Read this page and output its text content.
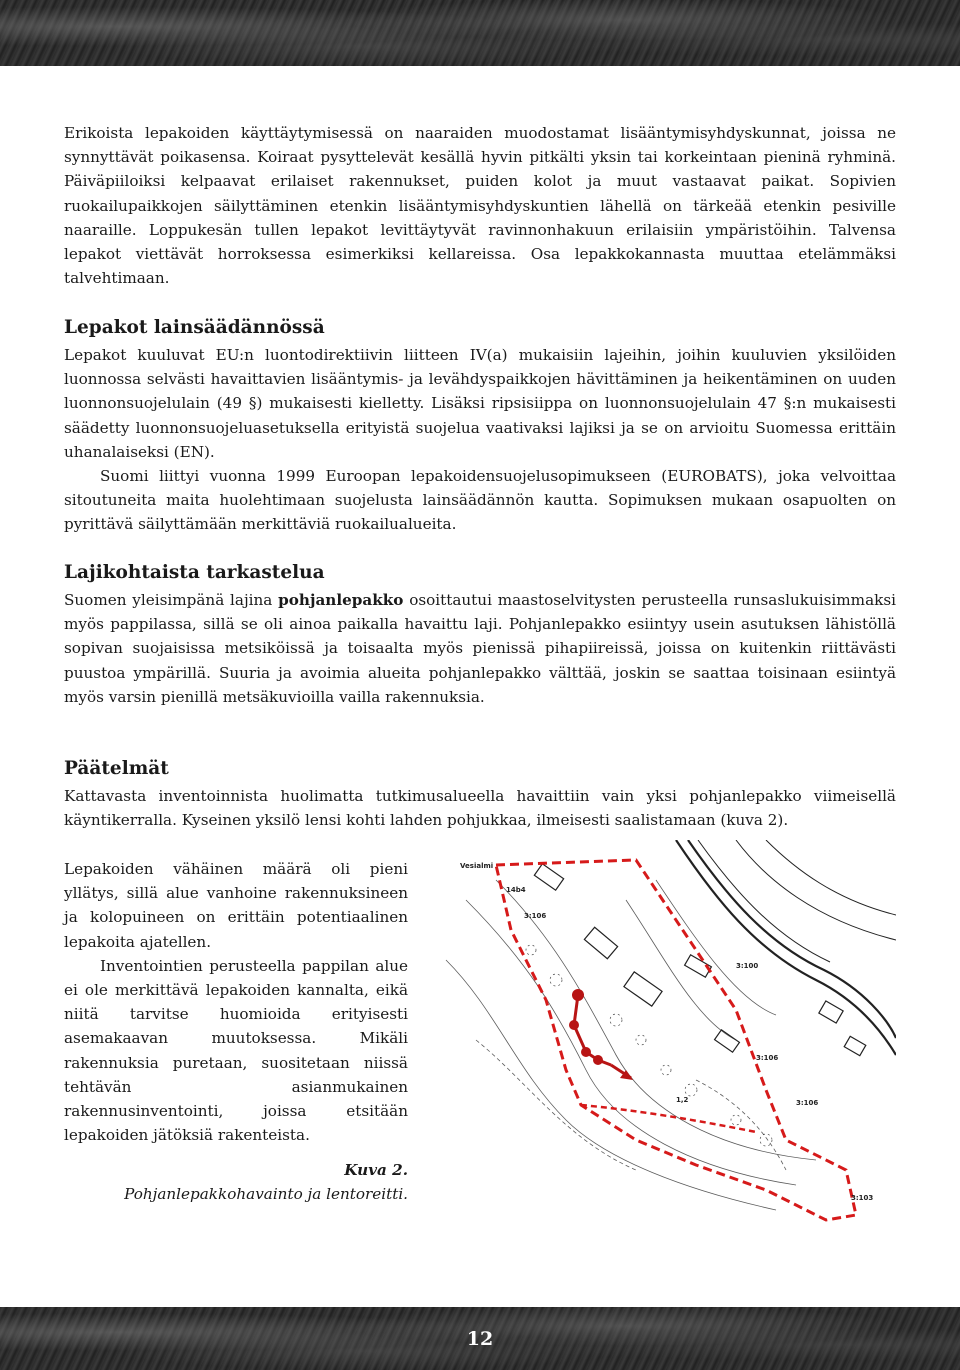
Erikoista lepakoiden käyttäytymisessä on naaraiden muodostamat lisääntymisyhdyskunnat, joissa ne synnyttävät poikasensa. Koiraat pysyttelevät kesällä hyvin pitkälti yksin tai korkeintaan pieninä ryhminä. Päiväpiiloiksi kelpaavat erilaiset rakennukset, puiden kolot ja muut vastaavat paikat. Sopivien ruokailupaikkojen säilyttäminen etenkin lisääntymisyhdyskuntien lähellä on tärkeää etenkin pesiville naaraille. Loppukesän tullen lepakot levittäytyvät ravinnonhakuun erilaisiin ympäristöihin. Talvensa lepakot viettävät horroksessa esimerkiksi kellareissa. Osa lepakkokannasta muuttaa etelämmäksi talvehtimaan.

Lepakot lainsäädännössä

Lepakot kuuluvat EU:n luontodirektiivin liitteen IV(a) mukaisiin lajeihin, joihin kuuluvien yksilöiden luonnossa selvästi havaittavien lisääntymis- ja levähdyspaikkojen hävittäminen ja heikentäminen on uuden luonnonsuojelulain (49 §) mukaisesti kielletty. Lisäksi ripsisiippa on luonnonsuojelulain 47 §:n mukaisesti säädetty luonnonsuojeluasetuksella erityistä suojelua vaativaksi lajiksi ja se on arvioitu Suomessa erittäin uhanalaiseksi (EN).

Suomi liittyi vuonna 1999 Euroopan lepakoidensuojelusopimukseen (EUROBATS), joka velvoittaa sitoutuneita maita huolehtimaan suojelusta lainsäädännön kautta. Sopimuksen mukaan osapuolten on pyrittävä säilyttämään merkittäviä ruokailualueita.

Lajikohtaista tarkastelua

Suomen yleisimpänä lajina pohjanlepakko osoittautui maastoselvitysten perusteella runsaslukuisimmaksi myös pappilassa, sillä se oli ainoa paikalla havaittu laji. Pohjanlepakko esiintyy usein asutuksen lähistöllä sopivan suojaisissa metsiköissä ja toisaalta myös pienissä pihapiireissä, joissa on kuitenkin riittävästi puustoa ympärillä. Suuria ja avoimia alueita pohjanlepakko välttää, joskin se saattaa toisinaan esiintyä myös varsin pienillä metsäkuvioilla vailla rakennuksia.

Päätelmät

Kattavasta inventoinnista huolimatta tutkimusalueella havaittiin vain yksi pohjanlepakko viimeisellä käyntikerralla. Kyseinen yksilö lensi kohti lahden pohjukkaa, ilmeisesti saalistamaan (kuva 2).

Lepakoiden vähäinen määrä oli pieni yllätys, sillä alue vanhoine rakennuksineen ja kolopuineen on erittäin potentiaalinen lepakoita ajatellen.

Inventointien perusteella pappilan alue ei ole merkittävä lepakoiden kannalta, eikä niitä tarvitse huomioida erityisesti asemakaavan muutoksessa. Mikäli rakennuksia puretaan, suositetaan niissä tehtävän asianmukainen rakennusinventointi, joissa etsitään lepakoiden jätöksiä rakenteista.

Kuva 2.
Pohjanlepakkohavainto ja lentoreitti.
Vesialmi
14b4
3:106
3:100
3:106
3:106
3:103
1,2
12
